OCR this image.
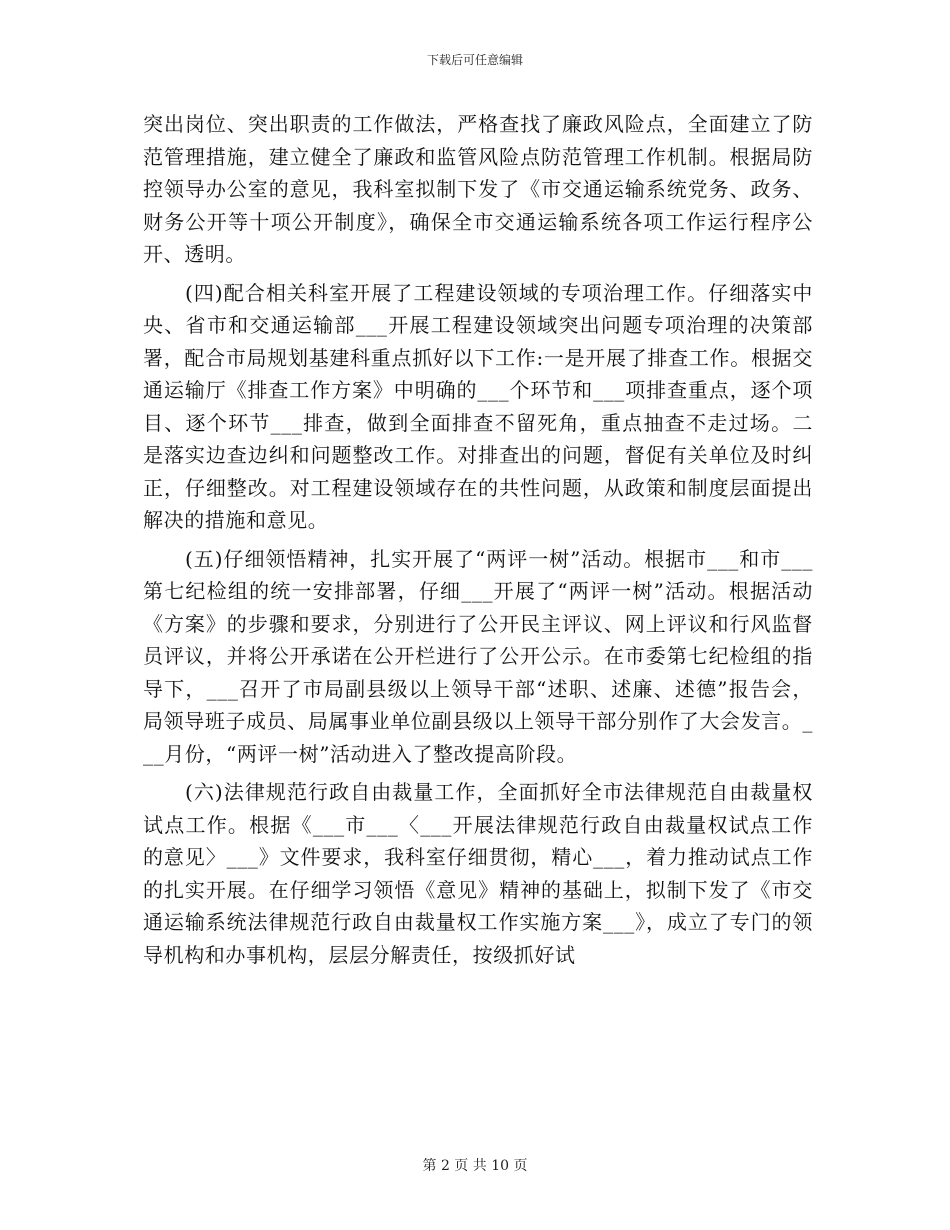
下载后可任意编辑

突出岗位、突出职责的工作做法，严格查找了廉政风险点，全面建立了防范管理措施，建立健全了廉政和监管风险点防范管理工作机制。根据局防控领导办公室的意见，我科室拟制下发了《市交通运输系统党务、政务、财务公开等十项公开制度》，确保全市交通运输系统各项工作运行程序公开、透明。

(四)配合相关科室开展了工程建设领域的专项治理工作。仔细落实中央、省市和交通运输部___开展工程建设领域突出问题专项治理的决策部署，配合市局规划基建科重点抓好以下工作:一是开展了排查工作。根据交通运输厅《排查工作方案》中明确的___个环节和___项排查重点，逐个项目、逐个环节___排查，做到全面排查不留死角，重点抽查不走过场。二是落实边查边纠和问题整改工作。对排查出的问题，督促有关单位及时纠正，仔细整改。对工程建设领域存在的共性问题，从政策和制度层面提出解决的措施和意见。

(五)仔细领悟精神，扎实开展了“两评一树”活动。根据市___和市___第七纪检组的统一安排部署，仔细___开展了“两评一树”活动。根据活动《方案》的步骤和要求，分别进行了公开民主评议、网上评议和行风监督员评议，并将公开承诺在公开栏进行了公开公示。在市委第七纪检组的指导下，___召开了市局副县级以上领导干部“述职、述廉、述德”报告会，局领导班子成员、局属事业单位副县级以上领导干部分别作了大会发言。___月份，“两评一树”活动进入了整改提高阶段。

(六)法律规范行政自由裁量工作，全面抓好全市法律规范自由裁量权试点工作。根据《___市___〈___开展法律规范行政自由裁量权试点工作的意见〉___》文件要求，我科室仔细贯彻，精心___，着力推动试点工作的扎实开展。在仔细学习领悟《意见》精神的基础上，拟制下发了《市交通运输系统法律规范行政自由裁量权工作实施方案___》，成立了专门的领导机构和办事机构，层层分解责任，按级抓好试

第 2 页 共 10 页
